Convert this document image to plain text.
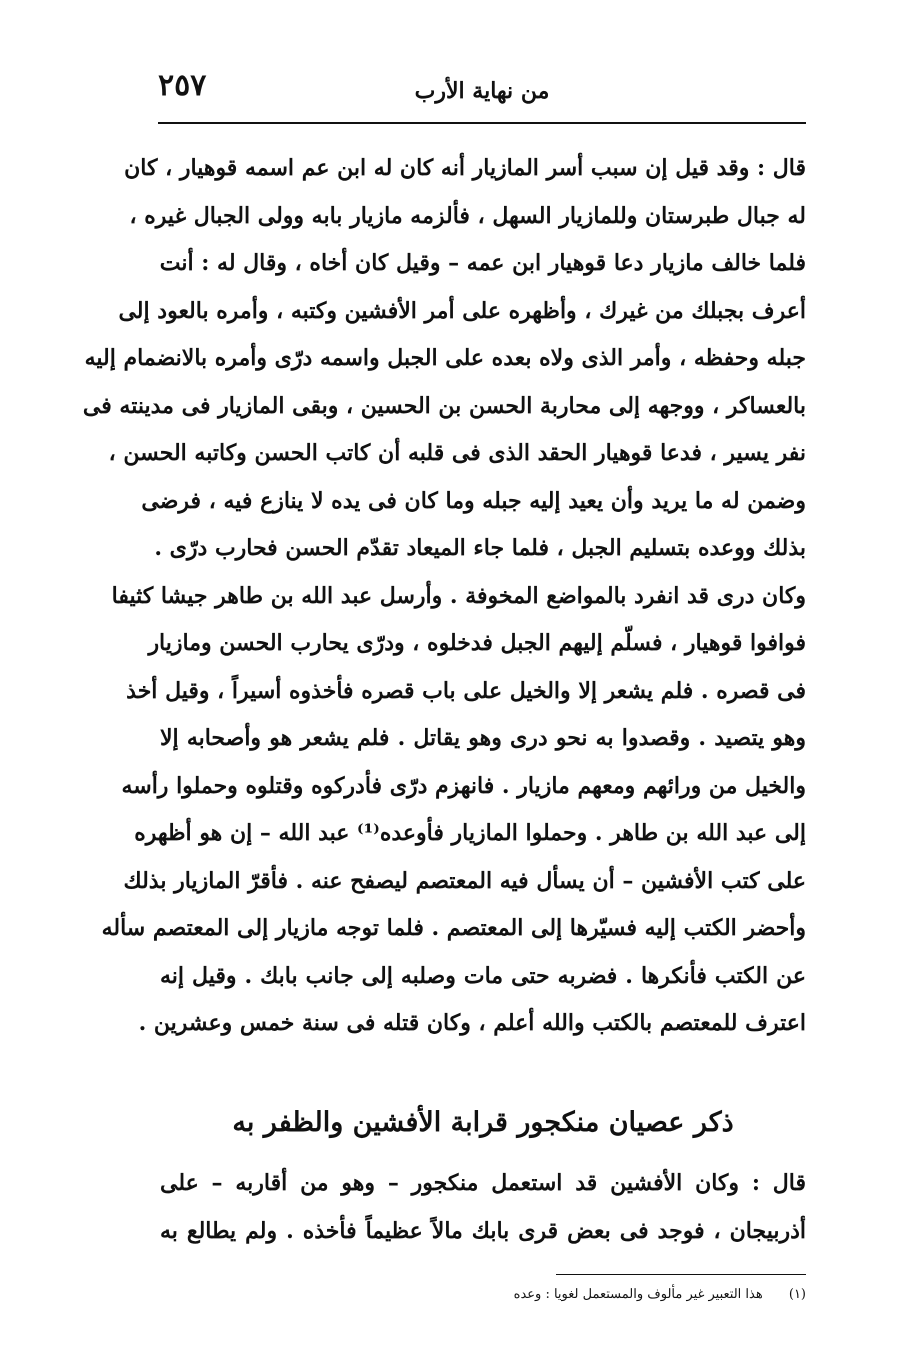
من نهاية الأرب
٢٥٧
قال : وقد قيل إن سبب أسر المازيار أنه كان له ابن عم اسمه قوهيار ، كان
له جبال طبرستان وللمازيار السهل ، فألزمه مازيار بابه وولى الجبال غيره ،
فلما خالف مازيار دعا قوهيار ابن عمه – وقيل كان أخاه ، وقال له : أنت
أعرف بجبلك من غيرك ، وأظهره على أمر الأفشين وكتبه ، وأمره بالعود إلى
جبله وحفظه ، وأمر الذى ولاه بعده على الجبل واسمه درّى وأمره بالانضمام إليه
بالعساكر ، ووجهه إلى محاربة الحسن بن الحسين ، وبقى المازيار فى مدينته فى
نفر يسير ، فدعا قوهيار الحقد الذى فى قلبه أن كاتب الحسن وكاتبه الحسن ،
وضمن له ما يريد وأن يعيد إليه جبله وما كان فى يده لا ينازع فيه ، فرضى
بذلك ووعده بتسليم الجبل ، فلما جاء الميعاد تقدّم الحسن فحارب درّى .
وكان درى قد انفرد بالمواضع المخوفة . وأرسل عبد الله بن طاهر جيشا كثيفا
فوافوا قوهيار ، فسلّم إليهم الجبل فدخلوه ، ودرّى يحارب الحسن ومازيار
فى قصره . فلم يشعر إلا والخيل على باب قصره فأخذوه أسيراً ، وقيل أخذ
وهو يتصيد . وقصدوا به نحو درى وهو يقاتل . فلم يشعر هو وأصحابه إلا
والخيل من ورائهم ومعهم مازيار . فانهزم درّى فأدركوه وقتلوه وحملوا رأسه
إلى عبد الله بن طاهر . وحملوا المازيار فأوعده⁽¹⁾ عبد الله – إن هو أظهره
على كتب الأفشين – أن يسأل فيه المعتصم ليصفح عنه . فأقرّ المازيار بذلك
وأحضر الكتب إليه فسيّرها إلى المعتصم . فلما توجه مازيار إلى المعتصم سأله
عن الكتب فأنكرها . فضربه حتى مات وصلبه إلى جانب بابك . وقيل إنه
اعترف للمعتصم بالكتب والله أعلم ، وكان قتله فى سنة خمس وعشرين .
ذكر عصيان منكجور قرابة الأفشين والظفر به
قال : وكان الأفشين قد استعمل منكجور – وهو من أقاربه – على
أذربيجان ، فوجد فى بعض قرى بابك مالاً عظيماً فأخذه . ولم يطالع به
(١) هذا التعبير غير مألوف والمستعمل لغويا : وعده
